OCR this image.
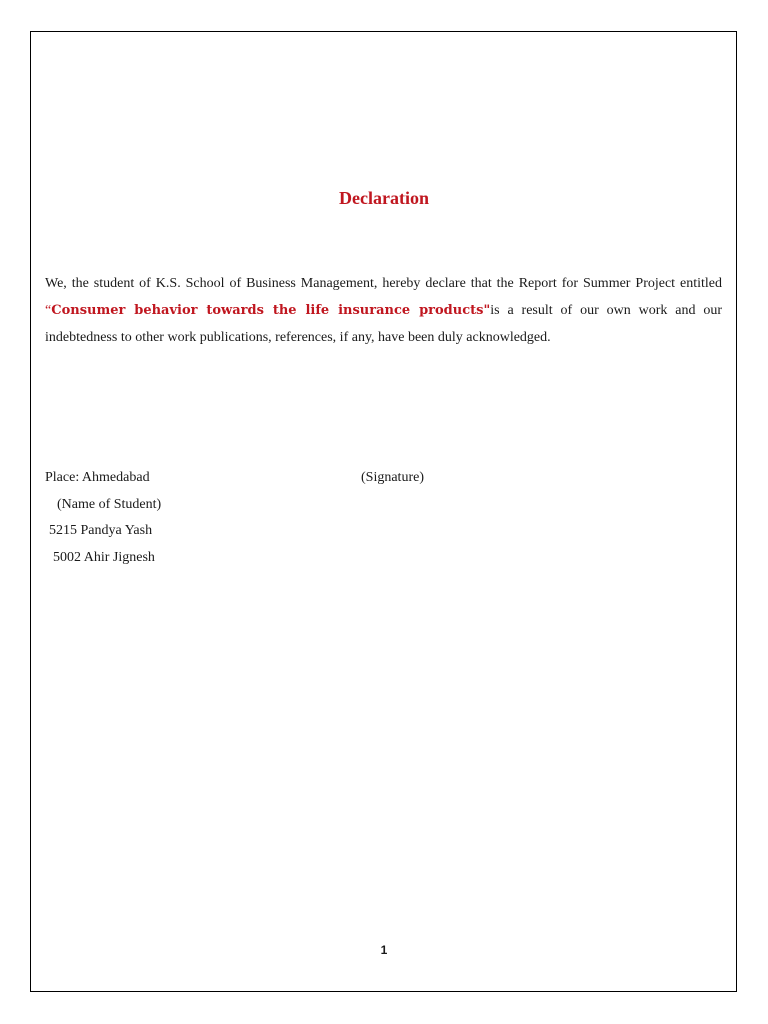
Declaration

We, the student of K.S. School of Business Management, hereby declare that the Report for Summer Project entitled “Consumer behavior towards the life insurance products"is a result of our own work and our indebtedness to other work publications, references, if any, have been duly acknowledged.

Place: Ahmedabad	(Signature)

(Name of Student)

5215 Pandya Yash

5002 Ahir Jignesh

1
